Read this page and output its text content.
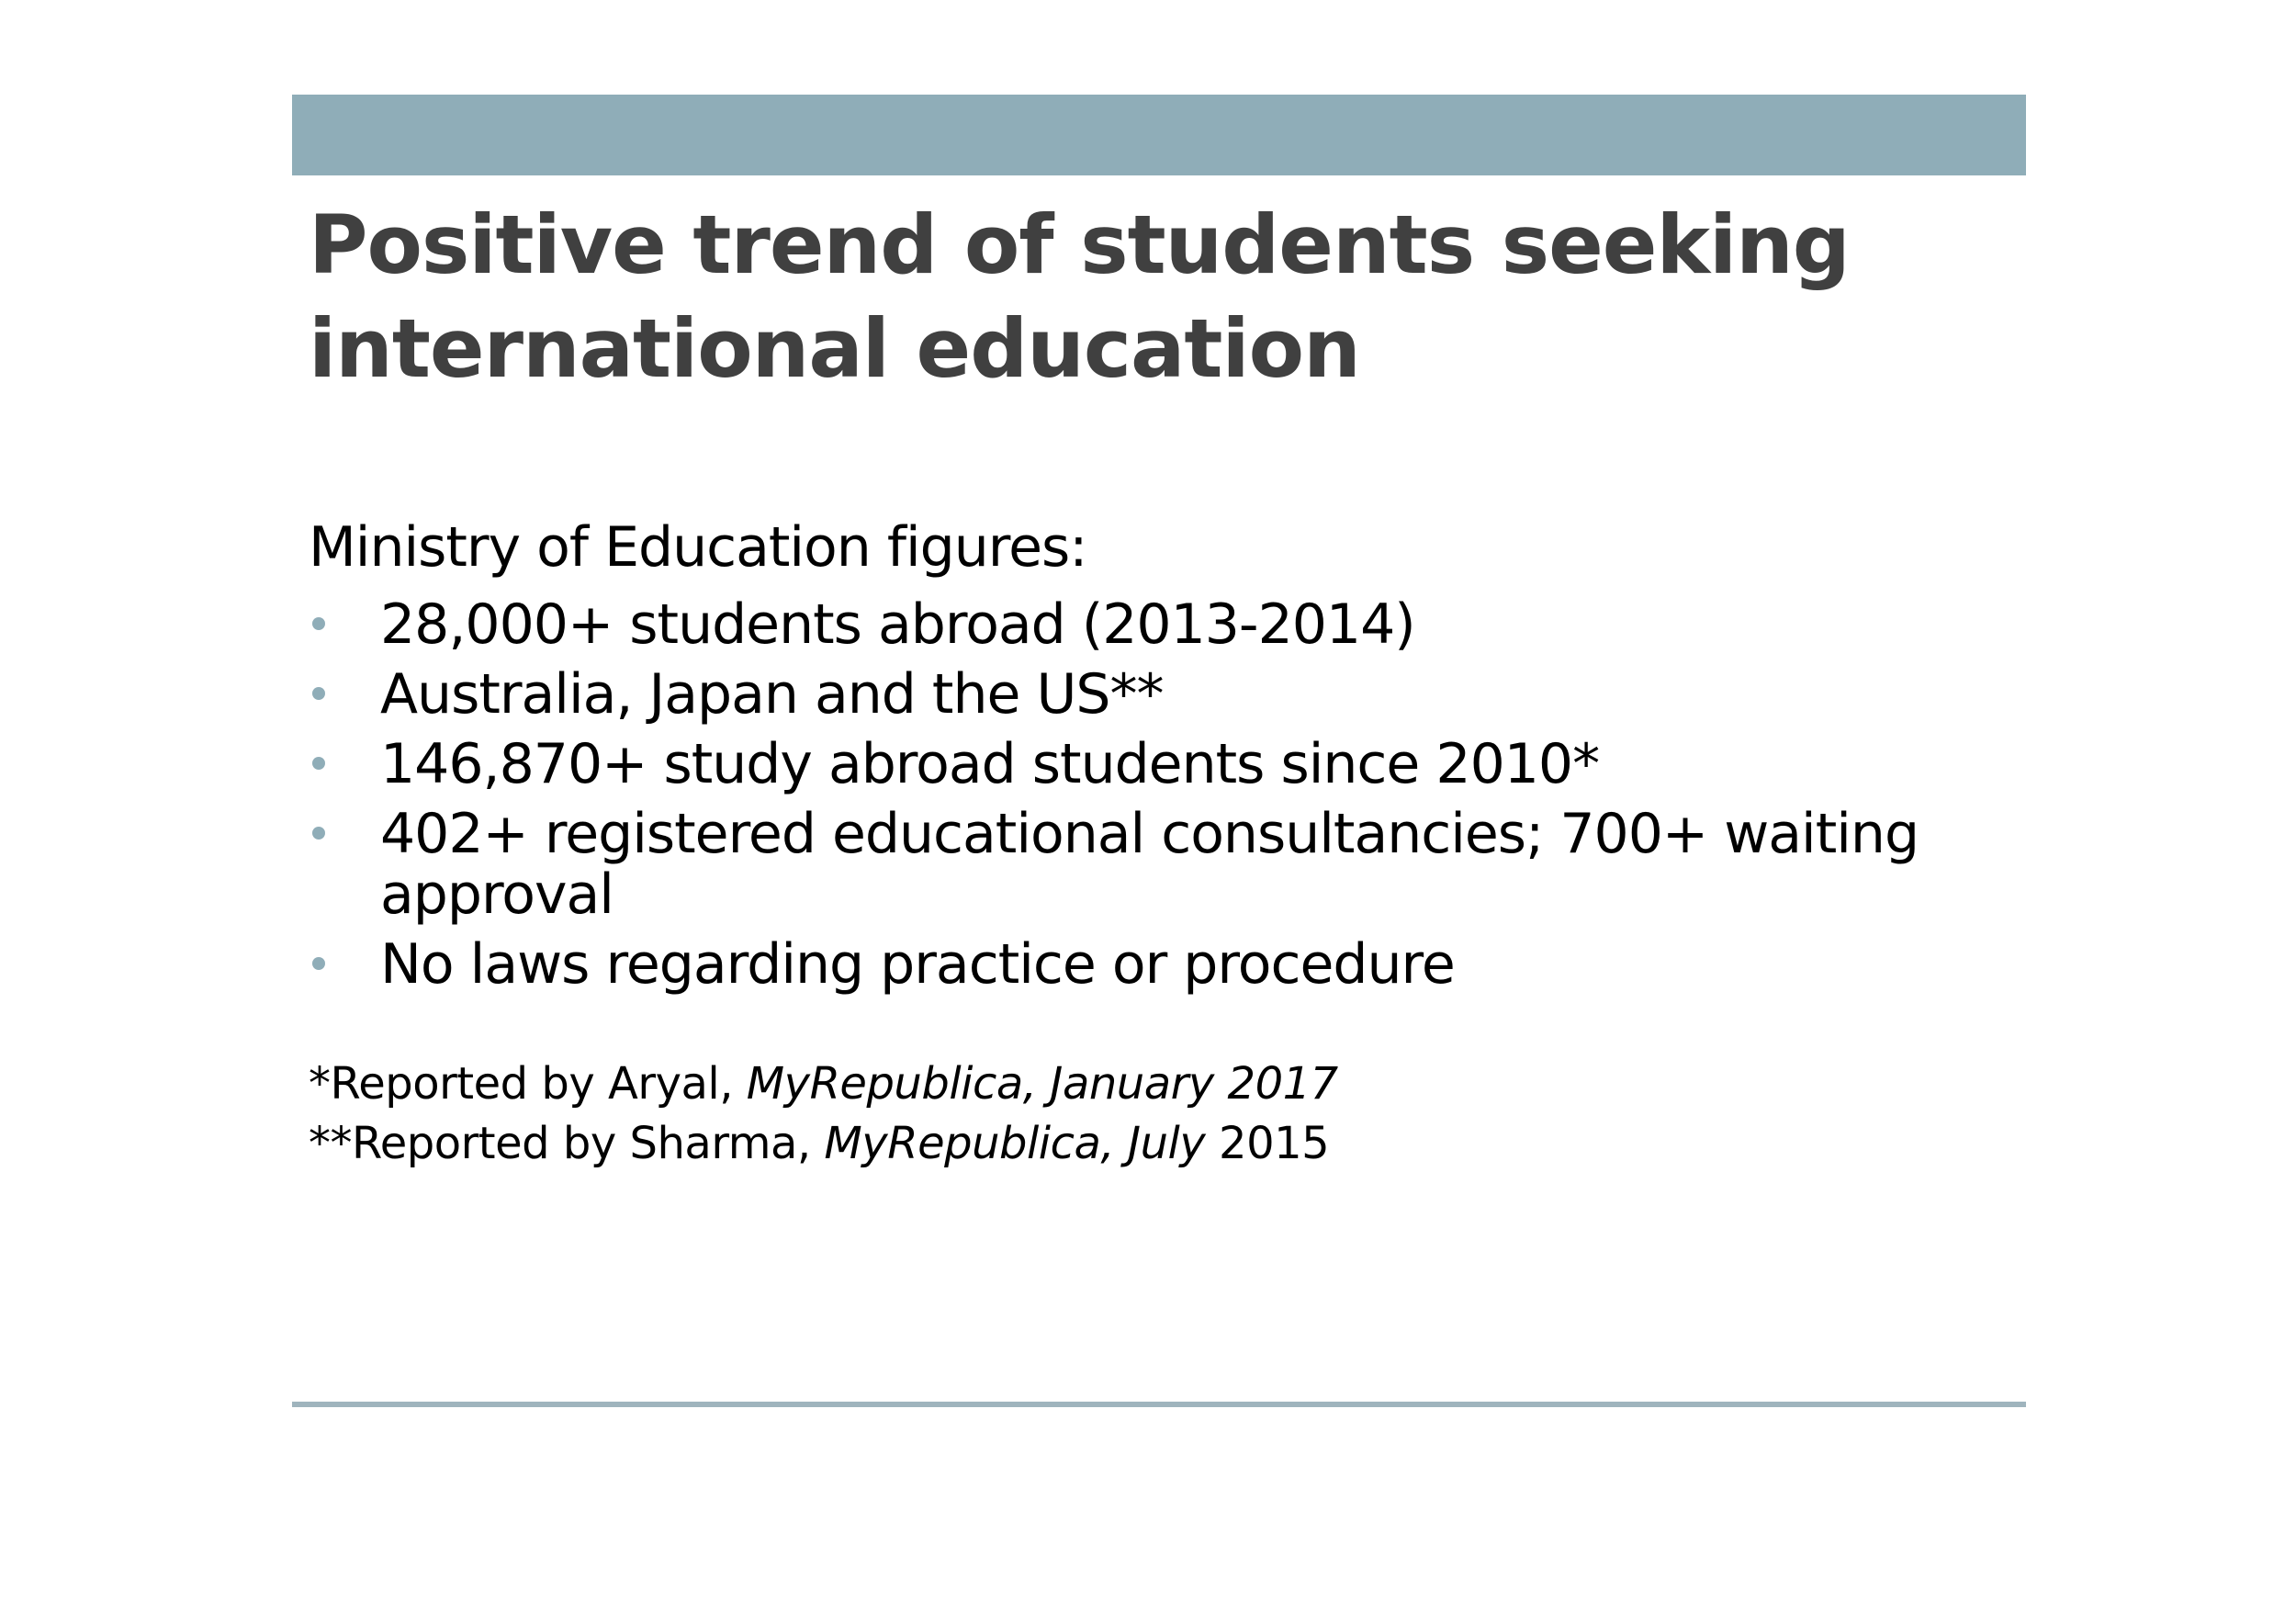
Positive trend of students seeking
international education
Ministry of Education figures:
28,000+ students abroad (2013-2014)
Australia, Japan and the US**
146,870+ study abroad students since 2010*
402+ registered educational consultancies; 700+ waiting approval
No laws regarding practice or procedure
*Reported by Aryal, MyRepublica, January 2017
**Reported by Sharma, MyRepublica, July 2015
